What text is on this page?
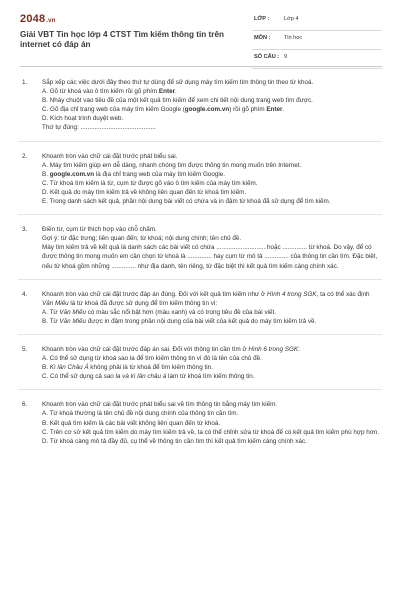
2048.vn
Giải VBT Tin học lớp 4 CTST Tìm kiếm thông tin trên internet có đáp án
LỚP :	Lớp 4
MÔN : Tin học
SỐ CÂU : 9
1. Sắp xếp các việc dưới đây theo thứ tự dùng để sử dụng máy tìm kiếm tìm thông tin theo từ khoá.

A. Gõ từ khoá vào ô tìm kiếm rồi gõ phím Enter.

B. Nháy chuột vào tiêu đề của một kết quả tìm kiếm để xem chi tiết nội dung trang web tìm được.

C. Gõ địa chỉ trang web của máy tìm kiếm Google (google.com.vn) rồi gõ phím Enter.

D. Kích hoạt trình duyệt web.

Thứ tự đúng: ...........................................

2. Khoanh tròn vào chữ cái đặt trước phát biểu sai.

A. Máy tìm kiếm giúp em dễ dàng, nhanh chóng tìm được thông tin mong muốn trên Internet.

B. google.com.vn là địa chỉ trang web của máy tìm kiếm Google.

C. Từ khoá tìm kiếm là từ, cụm từ được gõ vào ô tìm kiếm của máy tìm kiếm.

D. Kết quả do máy tìm kiếm trả về không liên quan đến từ khoá tìm kiếm.

E. Trong danh sách kết quả, phần nội dung bài viết có chứa và in đậm từ khoá đã sử dụng để tìm kiếm.

3. Điền từ, cụm từ thích hợp vào chỗ chấm.

Gợi ý: từ đặc trưng; liên quan đến; từ khoá; nội dung chính; tên chủ đề.

Máy tìm kiếm trả về kết quả là danh sách các bài viết có chứa ............................ hoặc .............. từ khoá. Do vậy, để có được thông tin mong muốn em cần chọn từ khoá là .............. hay cụm từ mô tả .............. của thông tin cần tìm. Đặc biệt, nếu từ khoá gồm những .............. như địa danh, tên riêng, từ đặc biệt thì kết quả tìm kiếm càng chính xác.

4. Khoanh tròn vào chữ cái đặt trước đáp án đúng. Đối với kết quả tìm kiếm như ở Hình 4 trong SGK, ta có thể xác định Văn Miếu là từ khoá đã được sử dụng để tìm kiếm thông tin vì:

A. Từ Văn Miếu có màu sắc nổi bật hơn (màu xanh) và có trong tiêu đề của bài viết.

B. Từ Văn Miếu được in đậm trong phần nội dung của bài viết của kết quả do máy tìm kiếm trả về.

5. Khoanh tròn vào chữ cái đặt trước đáp án sai. Đối với thông tin cần tìm ở Hình 6 trong SGK:

A. Có thể sử dụng từ khoá sao la để tìm kiếm thông tin vì đó là tên của chủ đề.

B. Kì lân Châu Á không phải là từ khoá để tìm kiếm thông tin.

C. Có thể sử dụng cả sao la và kì lân châu á làm từ khoá tìm kiếm thông tin.

6. Khoanh tròn vào chữ cái đặt trước phát biểu sai về tìm thông tin bằng máy tìm kiếm.

A. Từ khoá thường là tên chủ đề nội dung chính của thông tin cần tìm.

B. Kết quả tìm kiếm là các bài viết không liên quan đến từ khoá.

C. Trên cơ sở kết quả tìm kiếm do máy tìm kiếm trả về, ta có thể chỉnh sửa từ khoá để có kết quả tìm kiếm phù hợp hơn.

D. Từ khoá càng mô tả đầy đủ, cụ thể về thông tin cần tìm thì kết quả tìm kiếm càng chính xác.
